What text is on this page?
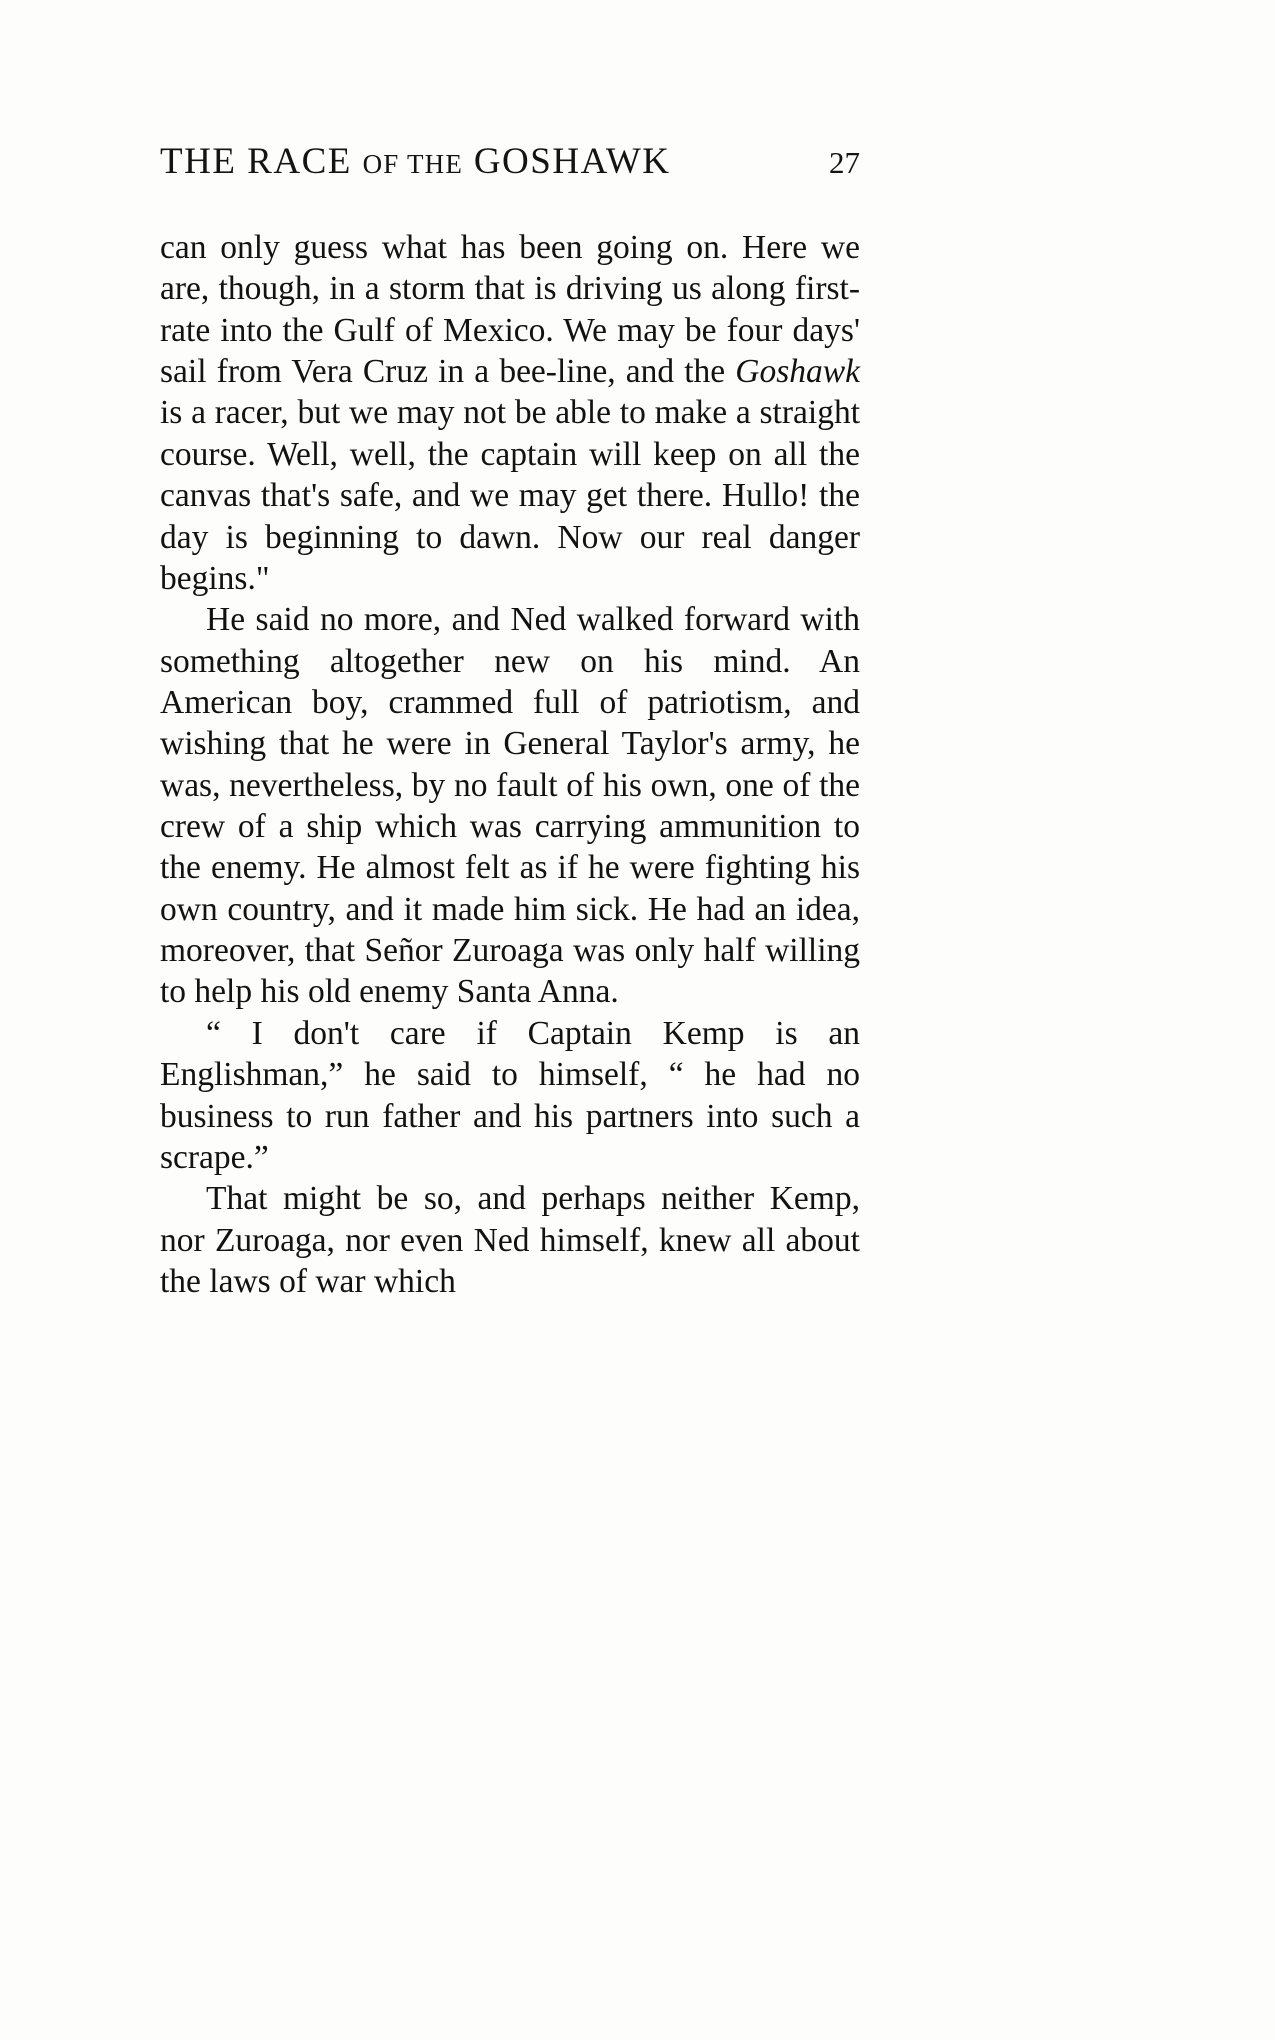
THE RACE OF THE GOSHAWK	27

can only guess what has been going on. Here we are, though, in a storm that is driving us along first-rate into the Gulf of Mexico. We may be four days' sail from Vera Cruz in a bee-line, and the Goshawk is a racer, but we may not be able to make a straight course. Well, well, the captain will keep on all the canvas that's safe, and we may get there. Hullo! the day is beginning to dawn. Now our real danger begins."

He said no more, and Ned walked forward with something altogether new on his mind. An American boy, crammed full of patriotism, and wishing that he were in General Taylor's army, he was, nevertheless, by no fault of his own, one of the crew of a ship which was carrying ammunition to the enemy. He almost felt as if he were fighting his own country, and it made him sick. He had an idea, moreover, that Señor Zuroaga was only half willing to help his old enemy Santa Anna.

“ I don't care if Captain Kemp is an Englishman,” he said to himself, “ he had no business to run father and his partners into such a scrape.”

That might be so, and perhaps neither Kemp, nor Zuroaga, nor even Ned himself, knew all about the laws of war which
